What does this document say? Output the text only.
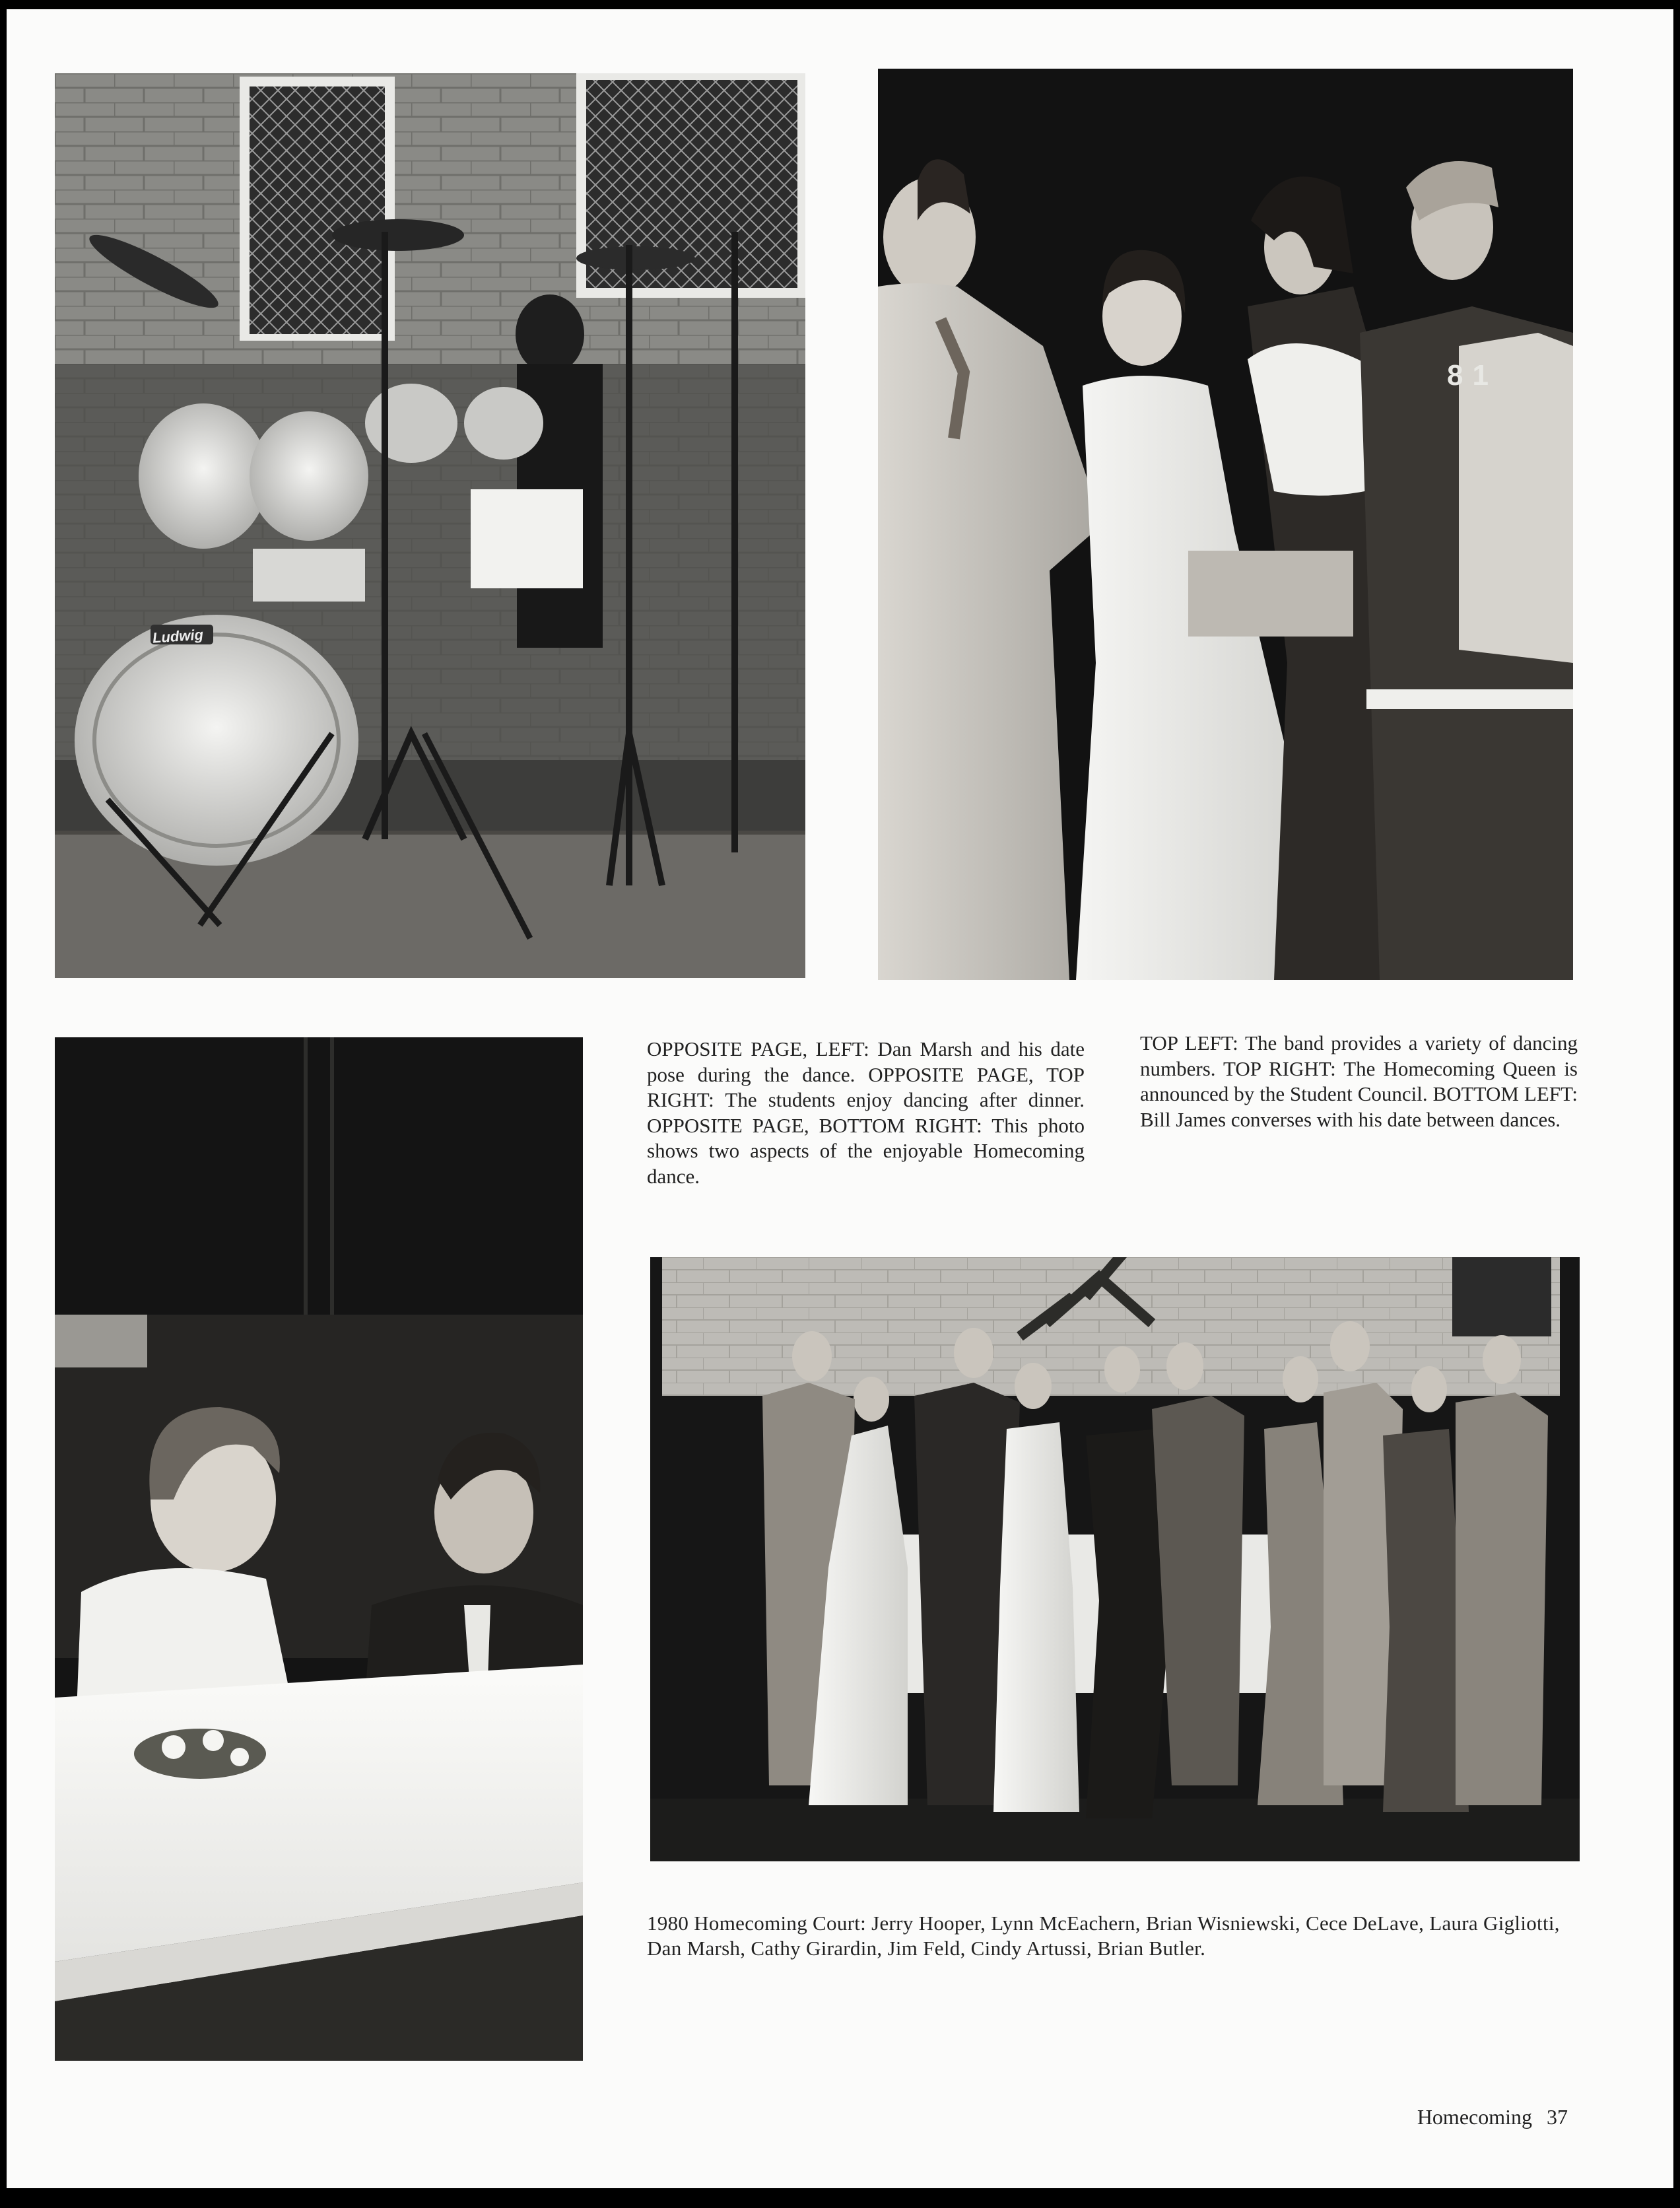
Ludwig
81
OPPOSITE PAGE, LEFT: Dan Marsh and his date pose during the dance. OPPOSITE PAGE, TOP RIGHT: The students enjoy dancing after dinner. OPPOSITE PAGE, BOTTOM RIGHT: This photo shows two aspects of the enjoyable Homecoming dance.
TOP LEFT: The band provides a variety of dancing numbers. TOP RIGHT: The Homecoming Queen is announced by the Student Council. BOTTOM LEFT: Bill James converses with his date between dances.
1980 Homecoming Court: Jerry Hooper, Lynn McEachern, Brian Wisniewski, Cece DeLave, Laura Gigliotti, Dan Marsh, Cathy Girardin, Jim Feld, Cindy Artussi, Brian Butler.
Homecoming 37
